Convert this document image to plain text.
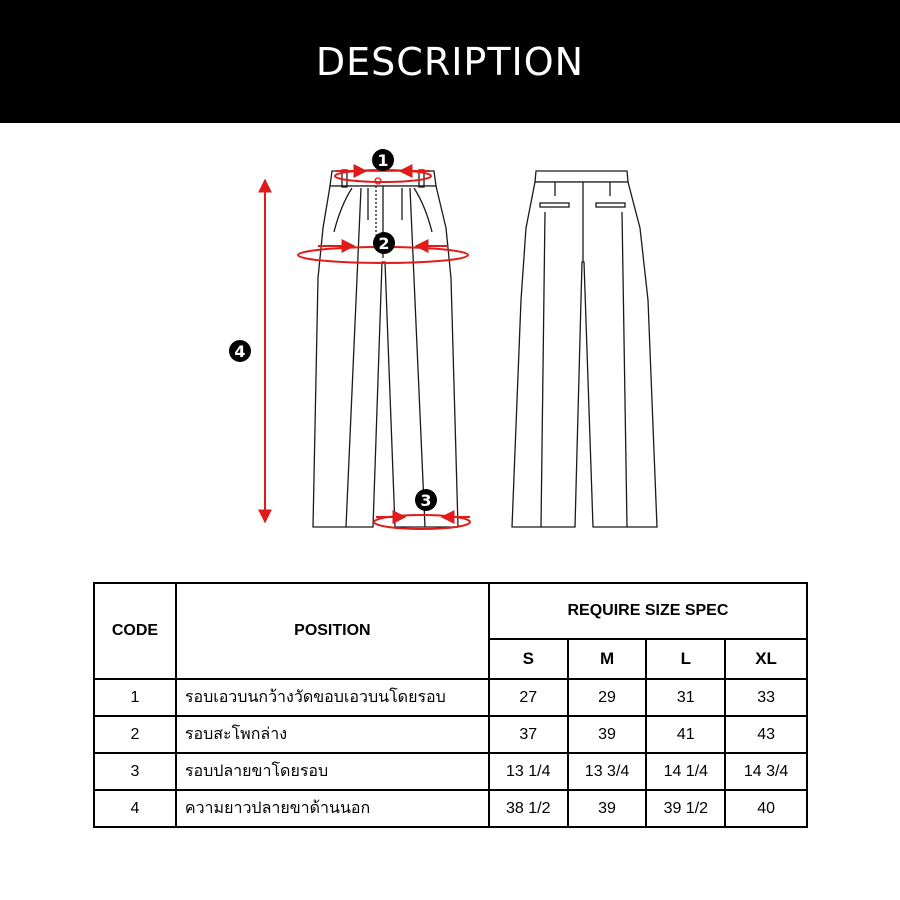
DESCRIPTION
1
2
3
4
CODE	POSITION	REQUIRE SIZE SPEC			
		S	M	L	XL
1	รอบเอวบนกว้างวัดขอบเอวบนโดยรอบ	27	29	31	33
2	รอบสะโพกล่าง	37	39	41	43
3	รอบปลายขาโดยรอบ	13 1/4	13 3/4	14 1/4	14 3/4
4	ความยาวปลายขาด้านนอก	38 1/2	39	39 1/2	40
